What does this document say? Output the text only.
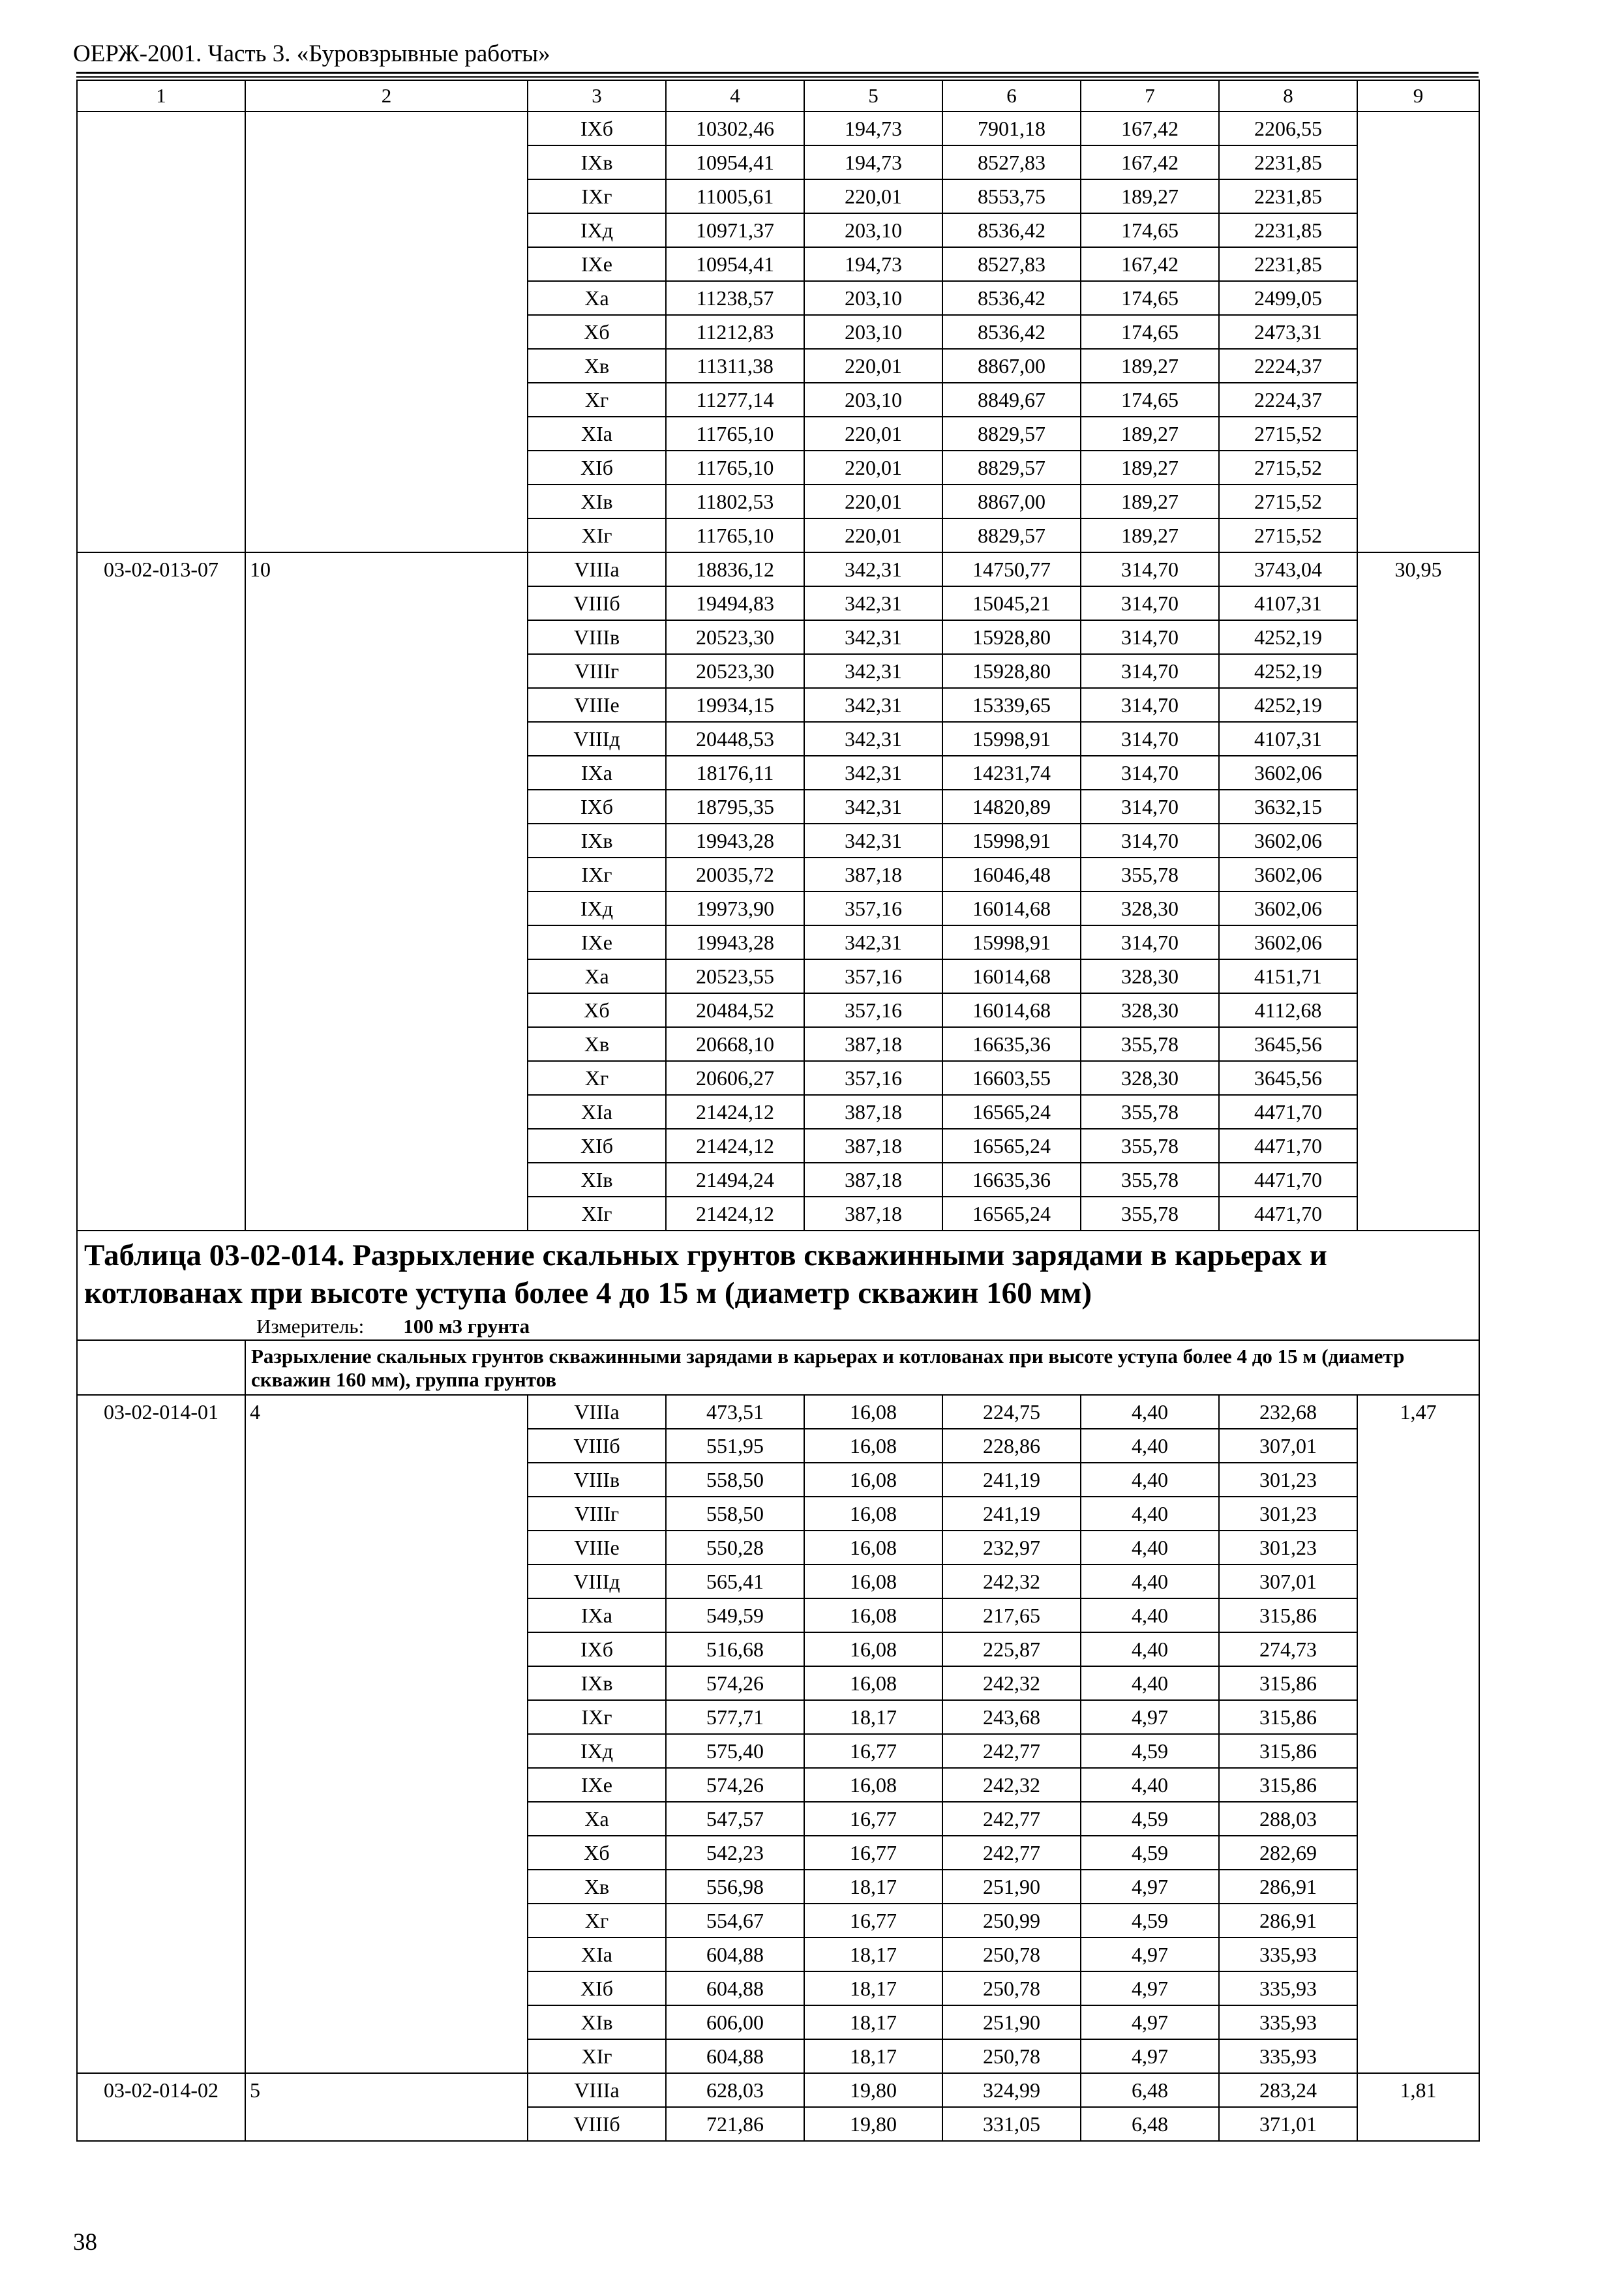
ОЕРЖ-2001. Часть 3. «Буровзрывные работы»
1	2	3	4	5	6	7	8	9
		IXб	10302,46	194,73	7901,18	167,42	2206,55	
		IXв	10954,41	194,73	8527,83	167,42	2231,85	
		IXг	11005,61	220,01	8553,75	189,27	2231,85	
		IXд	10971,37	203,10	8536,42	174,65	2231,85	
		IXе	10954,41	194,73	8527,83	167,42	2231,85	
		Xа	11238,57	203,10	8536,42	174,65	2499,05	
		Xб	11212,83	203,10	8536,42	174,65	2473,31	
		Xв	11311,38	220,01	8867,00	189,27	2224,37	
		Xг	11277,14	203,10	8849,67	174,65	2224,37	
		XIа	11765,10	220,01	8829,57	189,27	2715,52	
		XIб	11765,10	220,01	8829,57	189,27	2715,52	
		XIв	11802,53	220,01	8867,00	189,27	2715,52	
		XIг	11765,10	220,01	8829,57	189,27	2715,52	
03-02-013-07	10	VIIIа	18836,12	342,31	14750,77	314,70	3743,04	30,95
		VIIIб	19494,83	342,31	15045,21	314,70	4107,31	
		VIIIв	20523,30	342,31	15928,80	314,70	4252,19	
		VIIIг	20523,30	342,31	15928,80	314,70	4252,19	
		VIIIе	19934,15	342,31	15339,65	314,70	4252,19	
		VIIIд	20448,53	342,31	15998,91	314,70	4107,31	
		IXа	18176,11	342,31	14231,74	314,70	3602,06	
		IXб	18795,35	342,31	14820,89	314,70	3632,15	
		IXв	19943,28	342,31	15998,91	314,70	3602,06	
		IXг	20035,72	387,18	16046,48	355,78	3602,06	
		IXд	19973,90	357,16	16014,68	328,30	3602,06	
		IXе	19943,28	342,31	15998,91	314,70	3602,06	
		Xа	20523,55	357,16	16014,68	328,30	4151,71	
		Xб	20484,52	357,16	16014,68	328,30	4112,68	
		Xв	20668,10	387,18	16635,36	355,78	3645,56	
		Xг	20606,27	357,16	16603,55	328,30	3645,56	
		XIа	21424,12	387,18	16565,24	355,78	4471,70	
		XIб	21424,12	387,18	16565,24	355,78	4471,70	
		XIв	21494,24	387,18	16635,36	355,78	4471,70	
		XIг	21424,12	387,18	16565,24	355,78	4471,70	

Таблица 03-02-014. Разрыхление скальных грунтов скважинными зарядами в карьерах и котлованах при высоте уступа более 4 до 15 м (диаметр скважин 160 мм)
Измеритель: 100 м3 грунта								

	Разрыхление скальных грунтов скважинными зарядами в карьерах и котлованах при высоте уступа более 4 до 15 м (диаметр скважин 160 мм), группа грунтов							
03-02-014-01	4	VIIIа	473,51	16,08	224,75	4,40	232,68	1,47
		VIIIб	551,95	16,08	228,86	4,40	307,01	
		VIIIв	558,50	16,08	241,19	4,40	301,23	
		VIIIг	558,50	16,08	241,19	4,40	301,23	
		VIIIе	550,28	16,08	232,97	4,40	301,23	
		VIIIд	565,41	16,08	242,32	4,40	307,01	
		IXа	549,59	16,08	217,65	4,40	315,86	
		IXб	516,68	16,08	225,87	4,40	274,73	
		IXв	574,26	16,08	242,32	4,40	315,86	
		IXг	577,71	18,17	243,68	4,97	315,86	
		IXд	575,40	16,77	242,77	4,59	315,86	
		IXе	574,26	16,08	242,32	4,40	315,86	
		Xа	547,57	16,77	242,77	4,59	288,03	
		Xб	542,23	16,77	242,77	4,59	282,69	
		Xв	556,98	18,17	251,90	4,97	286,91	
		Xг	554,67	16,77	250,99	4,59	286,91	
		XIа	604,88	18,17	250,78	4,97	335,93	
		XIб	604,88	18,17	250,78	4,97	335,93	
		XIв	606,00	18,17	251,90	4,97	335,93	
		XIг	604,88	18,17	250,78	4,97	335,93	
03-02-014-02	5	VIIIа	628,03	19,80	324,99	6,48	283,24	1,81
		VIIIб	721,86	19,80	331,05	6,48	371,01	
38
